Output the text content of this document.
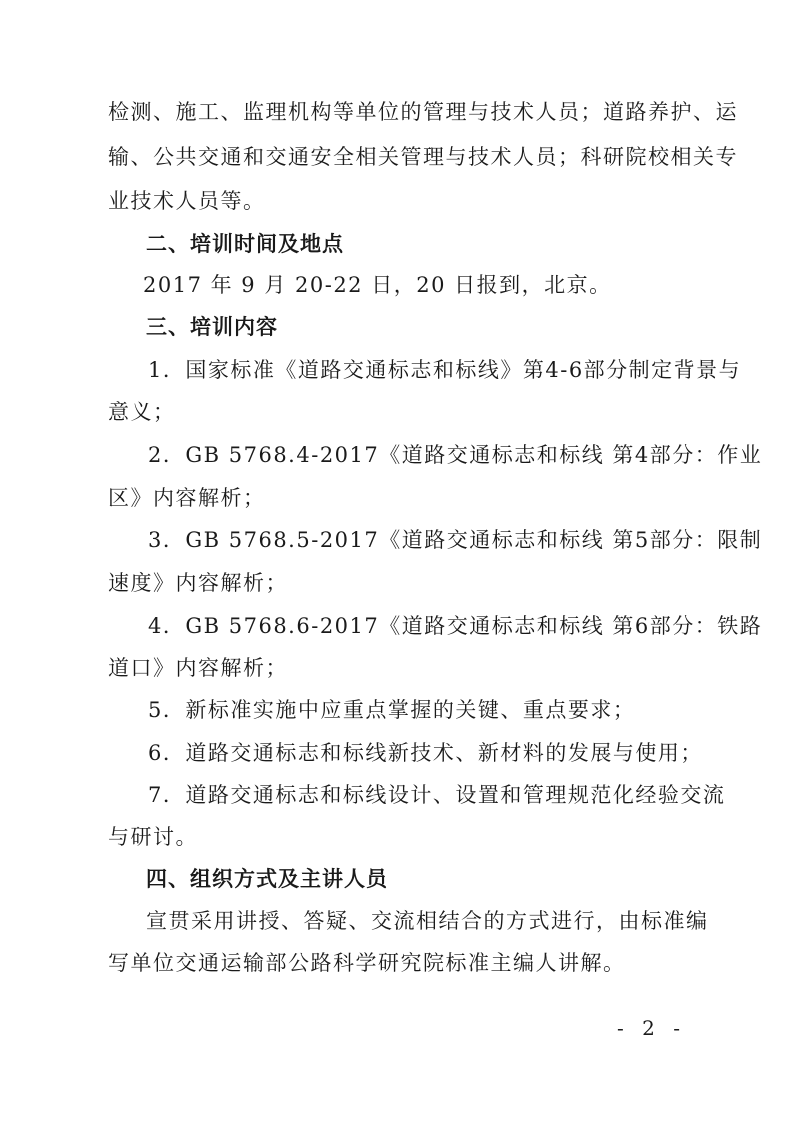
检测、施工、监理机构等单位的管理与技术人员；道路养护、运
输、公共交通和交通安全相关管理与技术人员；科研院校相关专
业技术人员等。
二、培训时间及地点
2017 年 9 月 20-22 日，20 日报到，北京。
三、培训内容
1．国家标准《道路交通标志和标线》第4-6部分制定背景与
意义；
2．GB 5768.4-2017《道路交通标志和标线 第4部分：作业
区》内容解析；
3．GB 5768.5-2017《道路交通标志和标线 第5部分：限制
速度》内容解析；
4．GB 5768.6-2017《道路交通标志和标线 第6部分：铁路
道口》内容解析；
5．新标准实施中应重点掌握的关键、重点要求；
6．道路交通标志和标线新技术、新材料的发展与使用；
7．道路交通标志和标线设计、设置和管理规范化经验交流
与研讨。
四、组织方式及主讲人员
宣贯采用讲授、答疑、交流相结合的方式进行，由标准编
写单位交通运输部公路科学研究院标准主编人讲解。
- 2 -
